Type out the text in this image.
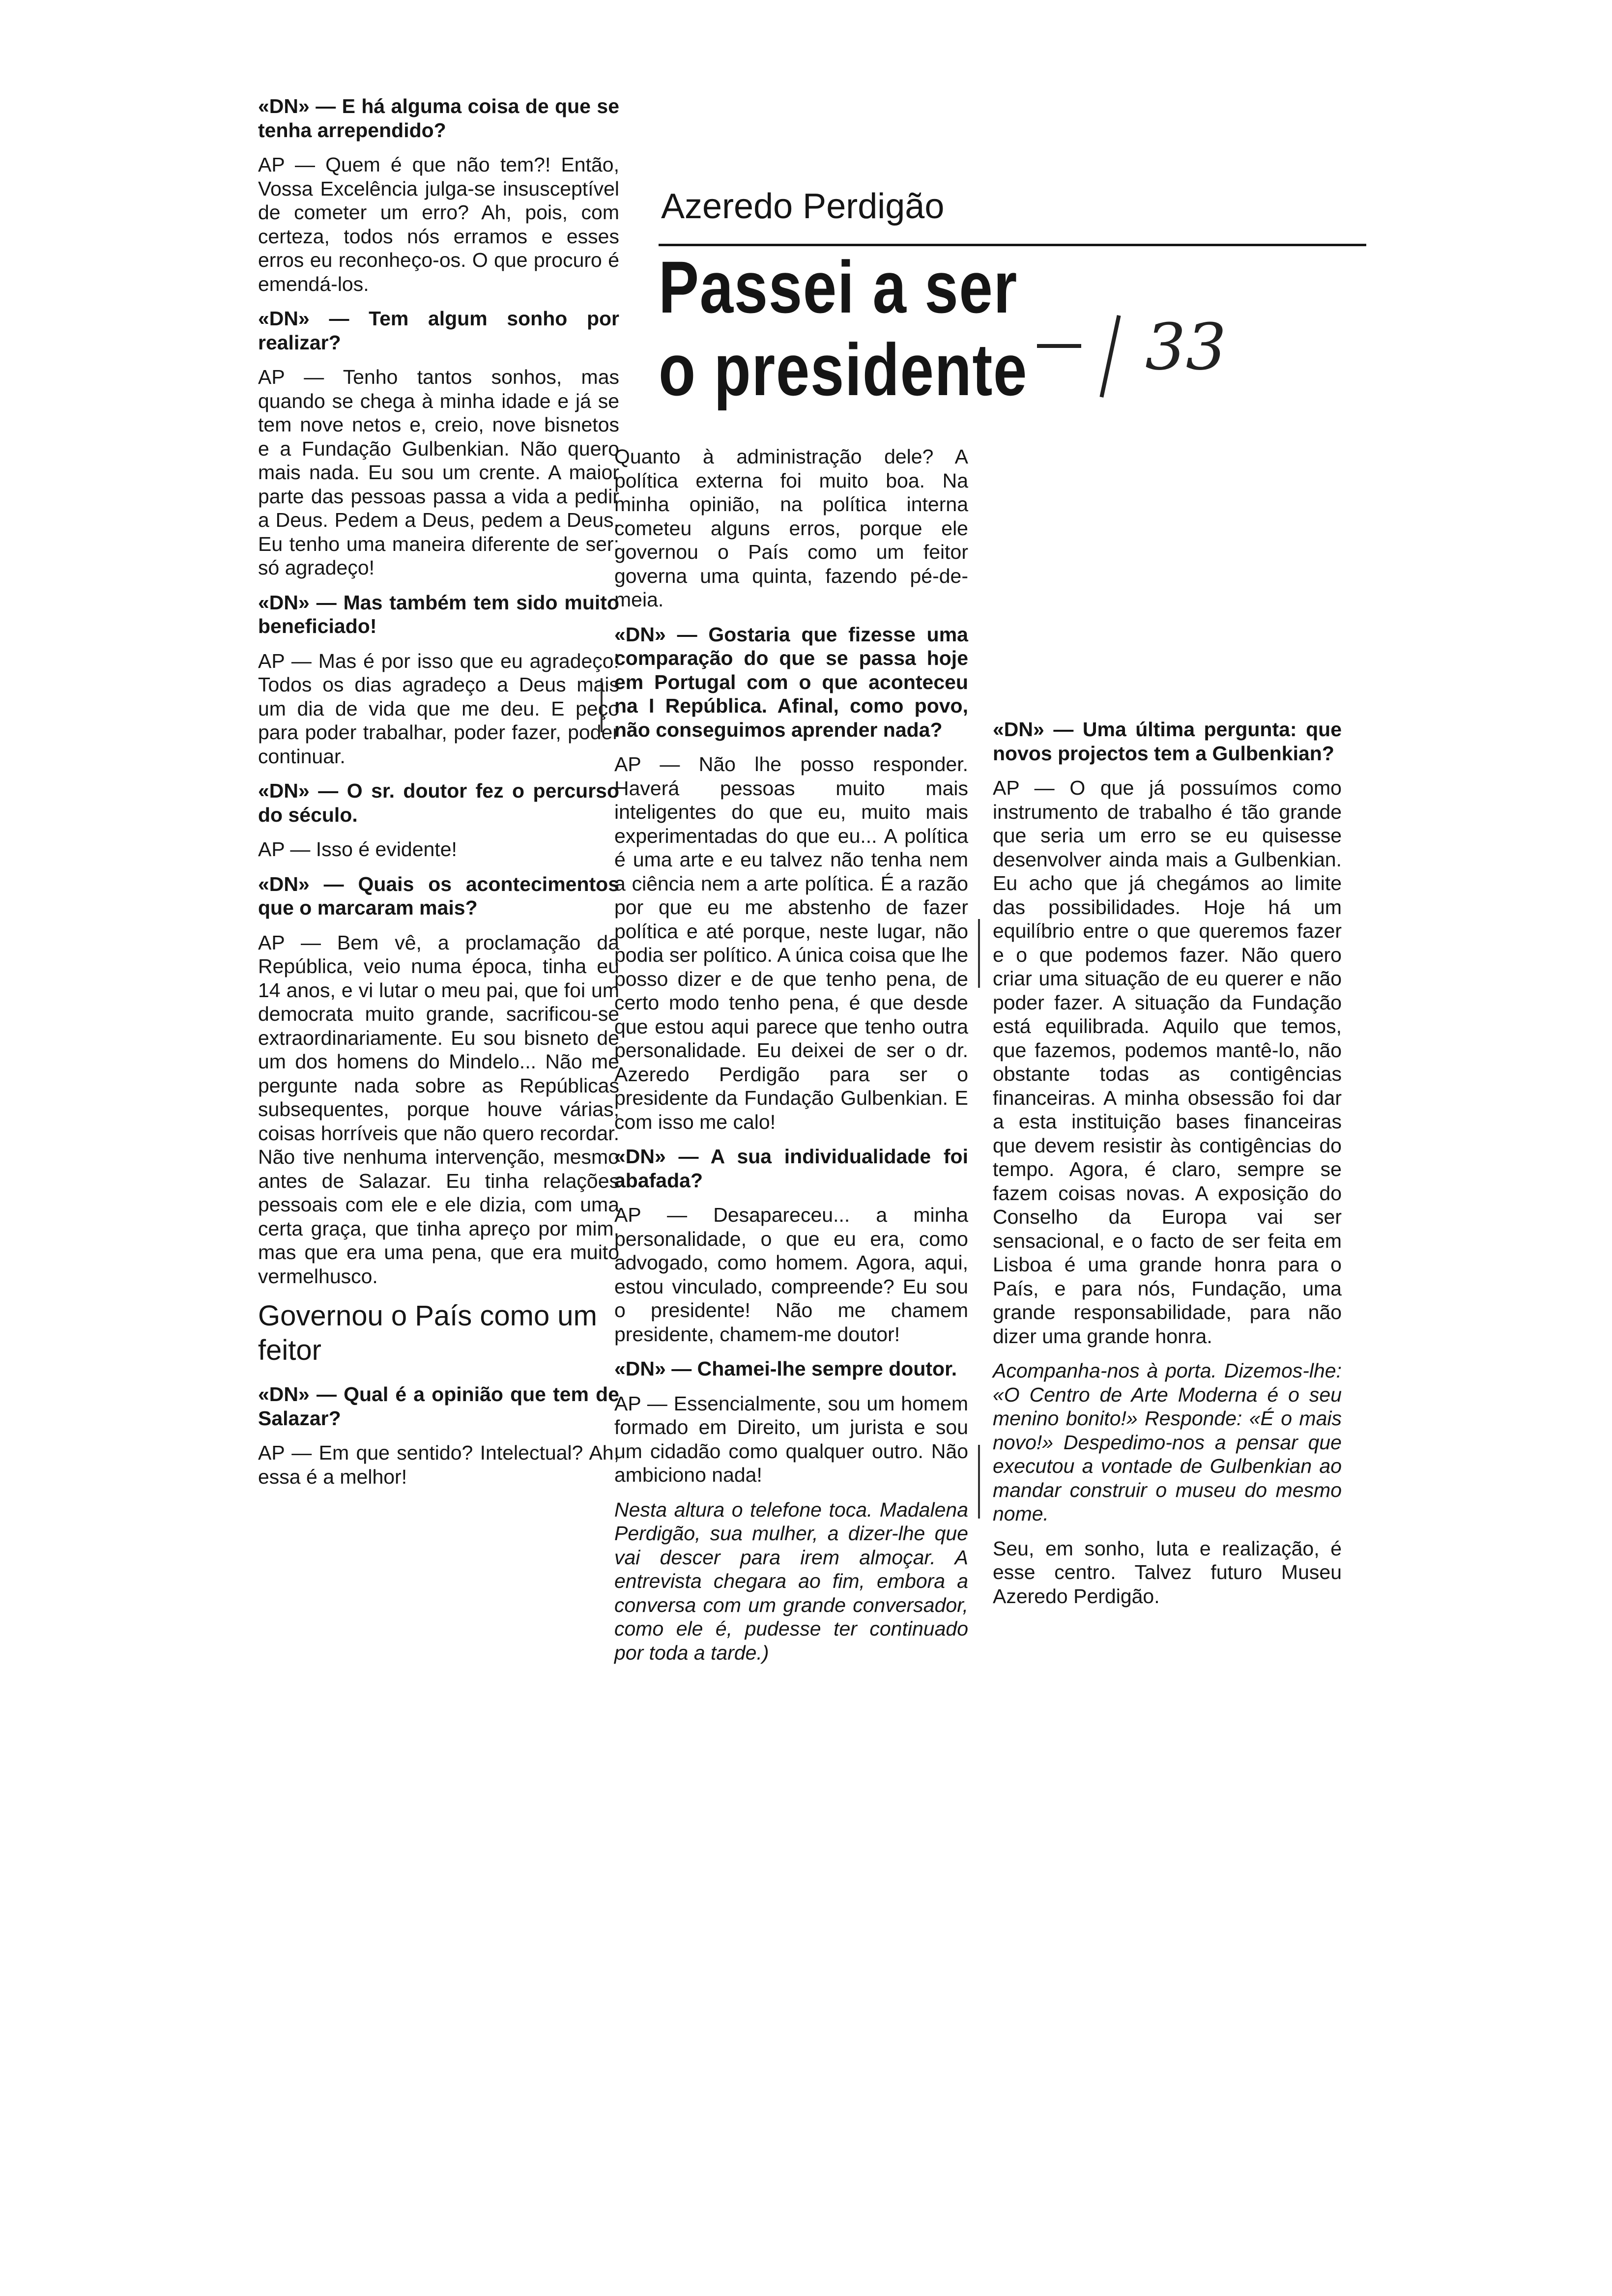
Azeredo Perdigão
Passei a ser
o presidente	33

«DN» — E há alguma coisa de que se tenha arrependido?

AP — Quem é que não tem?! Então, Vossa Excelência julga-se insusceptível de cometer um erro? Ah, pois, com certeza, todos nós erramos e esses erros eu reconheço-os. O que procuro é emendá-los.

«DN» — Tem algum sonho por realizar?

AP — Tenho tantos sonhos, mas quando se chega à minha idade e já se tem nove netos e, creio, nove bisnetos e a Fundação Gulbenkian. Não quero mais nada. Eu sou um crente. A maior parte das pessoas passa a vida a pedir a Deus. Pedem a Deus, pedem a Deus. Eu tenho uma maneira diferente de ser: só agradeço!

«DN» — Mas também tem sido muito beneficiado!

AP — Mas é por isso que eu agradeço! Todos os dias agradeço a Deus mais um dia de vida que me deu. E peço para poder trabalhar, poder fazer, poder continuar.

«DN» — O sr. doutor fez o percurso do século.

AP — Isso é evidente!

«DN» — Quais os acontecimentos que o marcaram mais?

AP — Bem vê, a proclamação da República, veio numa época, tinha eu 14 anos, e vi lutar o meu pai, que foi um democrata muito grande, sacrificou-se extraordinariamente. Eu sou bisneto de um dos homens do Mindelo... Não me pergunte nada sobre as Repúblicas subsequentes, porque houve várias, coisas horríveis que não quero recordar. Não tive nenhuma intervenção, mesmo antes de Salazar. Eu tinha relações pessoais com ele e ele dizia, com uma certa graça, que tinha apreço por mim, mas que era uma pena, que era muito vermelhusco.

Governou o País como um feitor

«DN» — Qual é a opinião que tem de Salazar?

AP — Em que sentido? Intelectual? Ah, essa é a melhor!

Quanto à administração dele? A política externa foi muito boa. Na minha opinião, na política interna cometeu alguns erros, porque ele governou o País como um feitor governa uma quinta, fazendo pé-de-meia.

«DN» — Gostaria que fizesse uma comparação do que se passa hoje em Portugal com o que aconteceu na I República. Afinal, como povo, não conseguimos aprender nada?

AP — Não lhe posso responder. Haverá pessoas muito mais inteligentes do que eu, muito mais experimentadas do que eu... A política é uma arte e eu talvez não tenha nem a ciência nem a arte política. É a razão por que eu me abstenho de fazer política e até porque, neste lugar, não podia ser político. A única coisa que lhe posso dizer e de que tenho pena, de certo modo tenho pena, é que desde que estou aqui parece que tenho outra personalidade. Eu deixei de ser o dr. Azeredo Perdigão para ser o presidente da Fundação Gulbenkian. E com isso me calo!

«DN» — A sua individualidade foi abafada?

AP — Desapareceu... a minha personalidade, o que eu era, como advogado, como homem. Agora, aqui, estou vinculado, compreende? Eu sou o presidente! Não me chamem presidente, chamem-me doutor!

«DN» — Chamei-lhe sempre doutor.

AP — Essencialmente, sou um homem formado em Direito, um jurista e sou um cidadão como qualquer outro. Não ambiciono nada!

Nesta altura o telefone toca. Madalena Perdigão, sua mulher, a dizer-lhe que vai descer para irem almoçar. A entrevista chegara ao fim, embora a conversa com um grande conversador, como ele é, pudesse ter continuado por toda a tarde.)

«DN» — Uma última pergunta: que novos projectos tem a Gulbenkian?

AP — O que já possuímos como instrumento de trabalho é tão grande que seria um erro se eu quisesse desenvolver ainda mais a Gulbenkian. Eu acho que já chegámos ao limite das possibilidades. Hoje há um equilíbrio entre o que queremos fazer e o que podemos fazer. Não quero criar uma situação de eu querer e não poder fazer. A situação da Fundação está equilibrada. Aquilo que temos, que fazemos, podemos mantê-lo, não obstante todas as contigências financeiras. A minha obsessão foi dar a esta instituição bases financeiras que devem resistir às contigências do tempo. Agora, é claro, sempre se fazem coisas novas. A exposição do Conselho da Europa vai ser sensacional, e o facto de ser feita em Lisboa é uma grande honra para o País, e para nós, Fundação, uma grande responsabilidade, para não dizer uma grande honra.

Acompanha-nos à porta. Dizemos-lhe: «O Centro de Arte Moderna é o seu menino bonito!» Responde: «É o mais novo!» Despedimo-nos a pensar que executou a vontade de Gulbenkian ao mandar construir o museu do mesmo nome.

Seu, em sonho, luta e realização, é esse centro. Talvez futuro Museu Azeredo Perdigão.
